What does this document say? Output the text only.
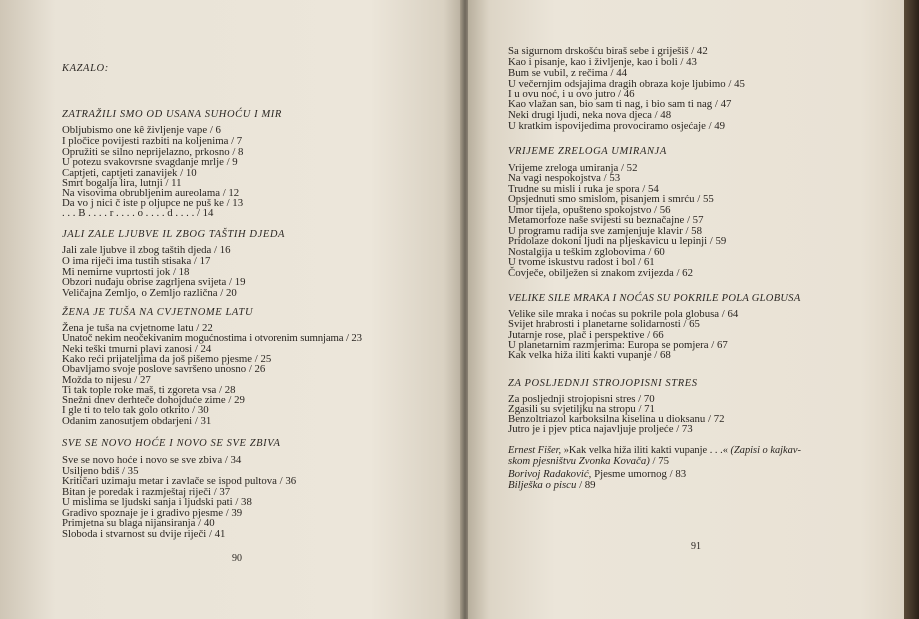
KAZALO:
ZATRAŽILI SMO OD USANA SUHOĆU I MIR
Obljubismo one kê življenje vape / 6
I pločice povijesti razbiti na koljenima / 7
Opružiti se silno neprijelazno, prkosno / 8
U potezu svakovrsne svagdanje mrlje / 9
Captjeti, captjeti zanavijek / 10
Smrt bogalja lira, lutnji / 11
Na visovima obrubljenim aureolama / 12
Da vo j nici č iste p oljupce ne puš ke / 13
. . . B . . . . r . . . . o . . . . d . . . . / 14
JALI ZALE LJUBVE IL ZBOG TAŠTIH DJEDA
Jali zale ljubve il zbog taštih djeda / 16
O ima riječi ima tustih stisaka / 17
Mi nemirne vuprtosti jok / 18
Obzori nuđaju obrise zagrljena svijeta / 19
Veličajna Zemljo, o Zemljo različna / 20
ŽENA JE TUŠA NA CVJETNOME LATU
Žena je tuša na cvjetnome latu / 22
Unatoč nekim neočekivanim mogućnostima i otvorenim sumnjama / 23
Neki teški tmurni plavi zanosi / 24
Kako reći prijateljima da još pišemo pjesme / 25
Obavljamo svoje poslove savršeno unosno / 26
Možda to nijesu / 27
Ti tak tople roke maš, ti zgoreta vsa / 28
Snežni dnev derhteče dohojduće zime / 29
I gle ti to telo tak golo otkrito / 30
Odanim zanosutjem obdarjeni / 31
SVE SE NOVO HOĆE I NOVO SE SVE ZBIVA
Sve se novo hoće i novo se sve zbiva / 34
Usiljeno bdiš / 35
Kritičari uzimaju metar i zavlače se ispod pultova / 36
Bitan je poredak i razmještaj riječi / 37
U mislima se ljudski sanja i ljudski pati / 38
Gradivo spoznaje je i gradivo pjesme / 39
Primjetna su blaga nijansiranja / 40
Sloboda i stvarnost su dvije riječi / 41
90
Sa sigurnom drskošću biraš sebe i griješiš / 42
Kao i pisanje, kao i življenje, kao i boli / 43
Bum se vubil, z rečima / 44
U večernjim odsjajima dragih obraza koje ljubimo / 45
I u ovu noć, i u ovo jutro / 46
Kao vlažan san, bio sam ti nag, i bio sam ti nag / 47
Neki drugi ljudi, neka nova djeca / 48
U kratkim ispovijedima provociramo osjećaje / 49
VRIJEME ZRELOGA UMIRANJA
Vrijeme zreloga umiranja / 52
Na vagi nespokojstva / 53
Trudne su misli i ruka je spora / 54
Opsjednuti smo smislom, pisanjem i smrću / 55
Umor tijela, opušteno spokojstvo / 56
Metamorfoze naše svijesti su beznačajne / 57
U programu radija sve zamjenjuje klavir / 58
Pridolaze dokoni ljudi na pljeskavicu u lepinji / 59
Nostalgija u teškim zglobovima / 60
U tvome iskustvu radost i bol / 61
Čovječe, obilježen si znakom zvijezda / 62
VELIKE SILE MRAKA I NOĆAS SU POKRILE POLA GLOBUSA
Velike sile mraka i noćas su pokrile pola globusa / 64
Svijet hrabrosti i planetarne solidarnosti / 65
Jutarnje rose, plač i perspektive / 66
U planetarnim razmjerima: Europa se pomjera / 67
Kak velka hiža iliti kakti vupanje / 68
ZA POSLJEDNJI STROJOPISNI STRES
Za posljednji strojopisni stres / 70
Zgasili su svjetiljku na stropu / 71
Benzoltriazol karboksilna kiselina u dioksanu / 72
Jutro je i pjev ptica najavljuje proljeće / 73
Ernest Fišer, »Kak velka hiža iliti kakti vupanje . . .« (Zapisi o kajkav-
skom pjesništvu Zvonka Kovača) / 75
Borivoj Radaković, Pjesme umornog / 83
Bilješka o piscu / 89
91
